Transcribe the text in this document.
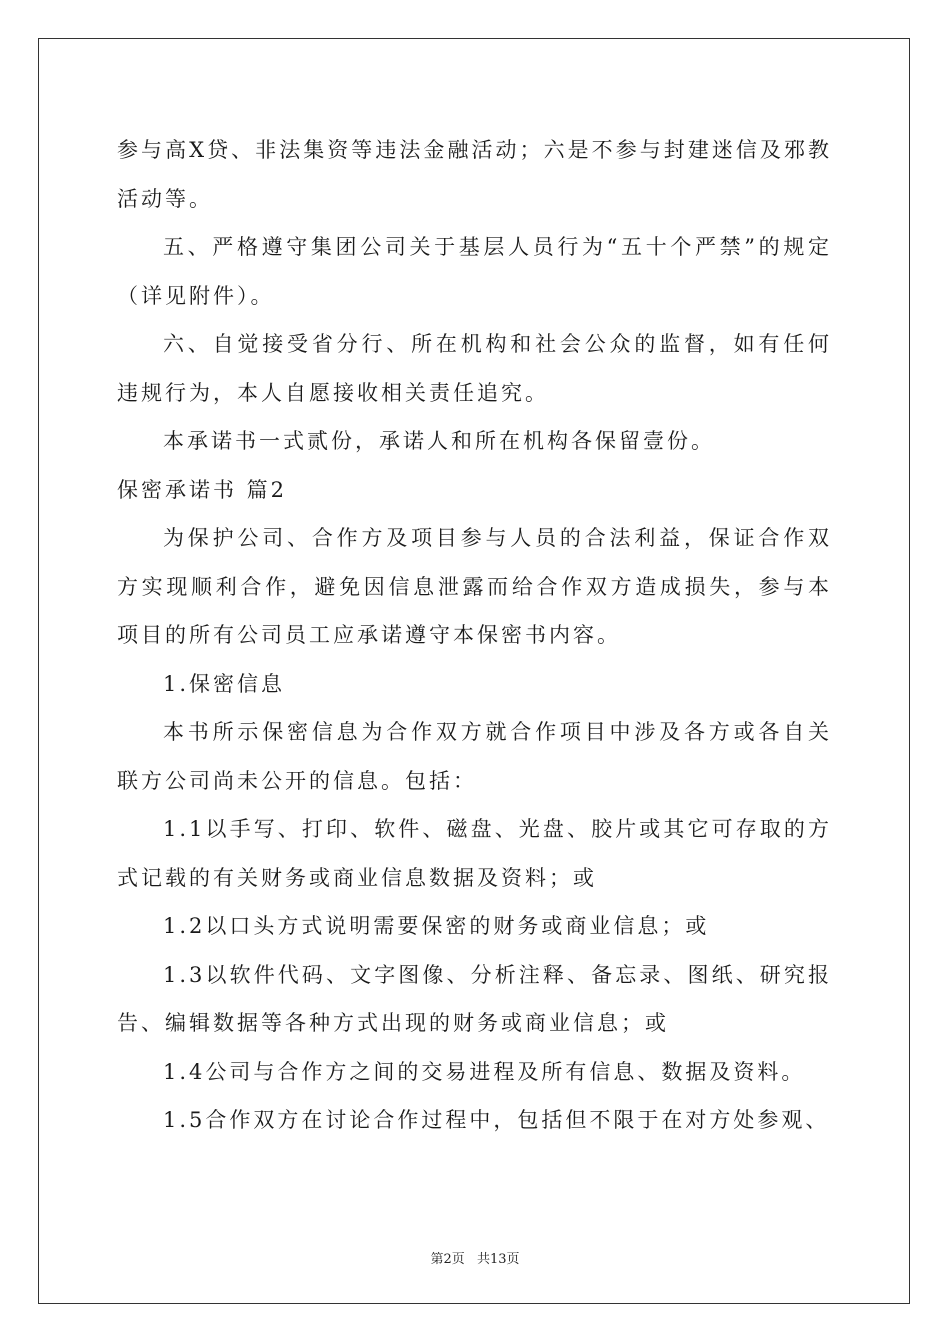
参与高X贷、非法集资等违法金融活动；六是不参与封建迷信及邪教活动等。

五、严格遵守集团公司关于基层人员行为“五十个严禁”的规定（详见附件）。

六、自觉接受省分行、所在机构和社会公众的监督，如有任何违规行为，本人自愿接收相关责任追究。

本承诺书一式贰份，承诺人和所在机构各保留壹份。

保密承诺书 篇2

为保护公司、合作方及项目参与人员的合法利益，保证合作双方实现顺利合作，避免因信息泄露而给合作双方造成损失，参与本项目的所有公司员工应承诺遵守本保密书内容。

1.保密信息

本书所示保密信息为合作双方就合作项目中涉及各方或各自关联方公司尚未公开的信息。包括：

1.1以手写、打印、软件、磁盘、光盘、胶片或其它可存取的方式记载的有关财务或商业信息数据及资料；或

1.2以口头方式说明需要保密的财务或商业信息；或

1.3以软件代码、文字图像、分析注释、备忘录、图纸、研究报告、编辑数据等各种方式出现的财务或商业信息；或

1.4公司与合作方之间的交易进程及所有信息、数据及资料。

1.5合作双方在讨论合作过程中，包括但不限于在对方处参观、

第2页 共13页
